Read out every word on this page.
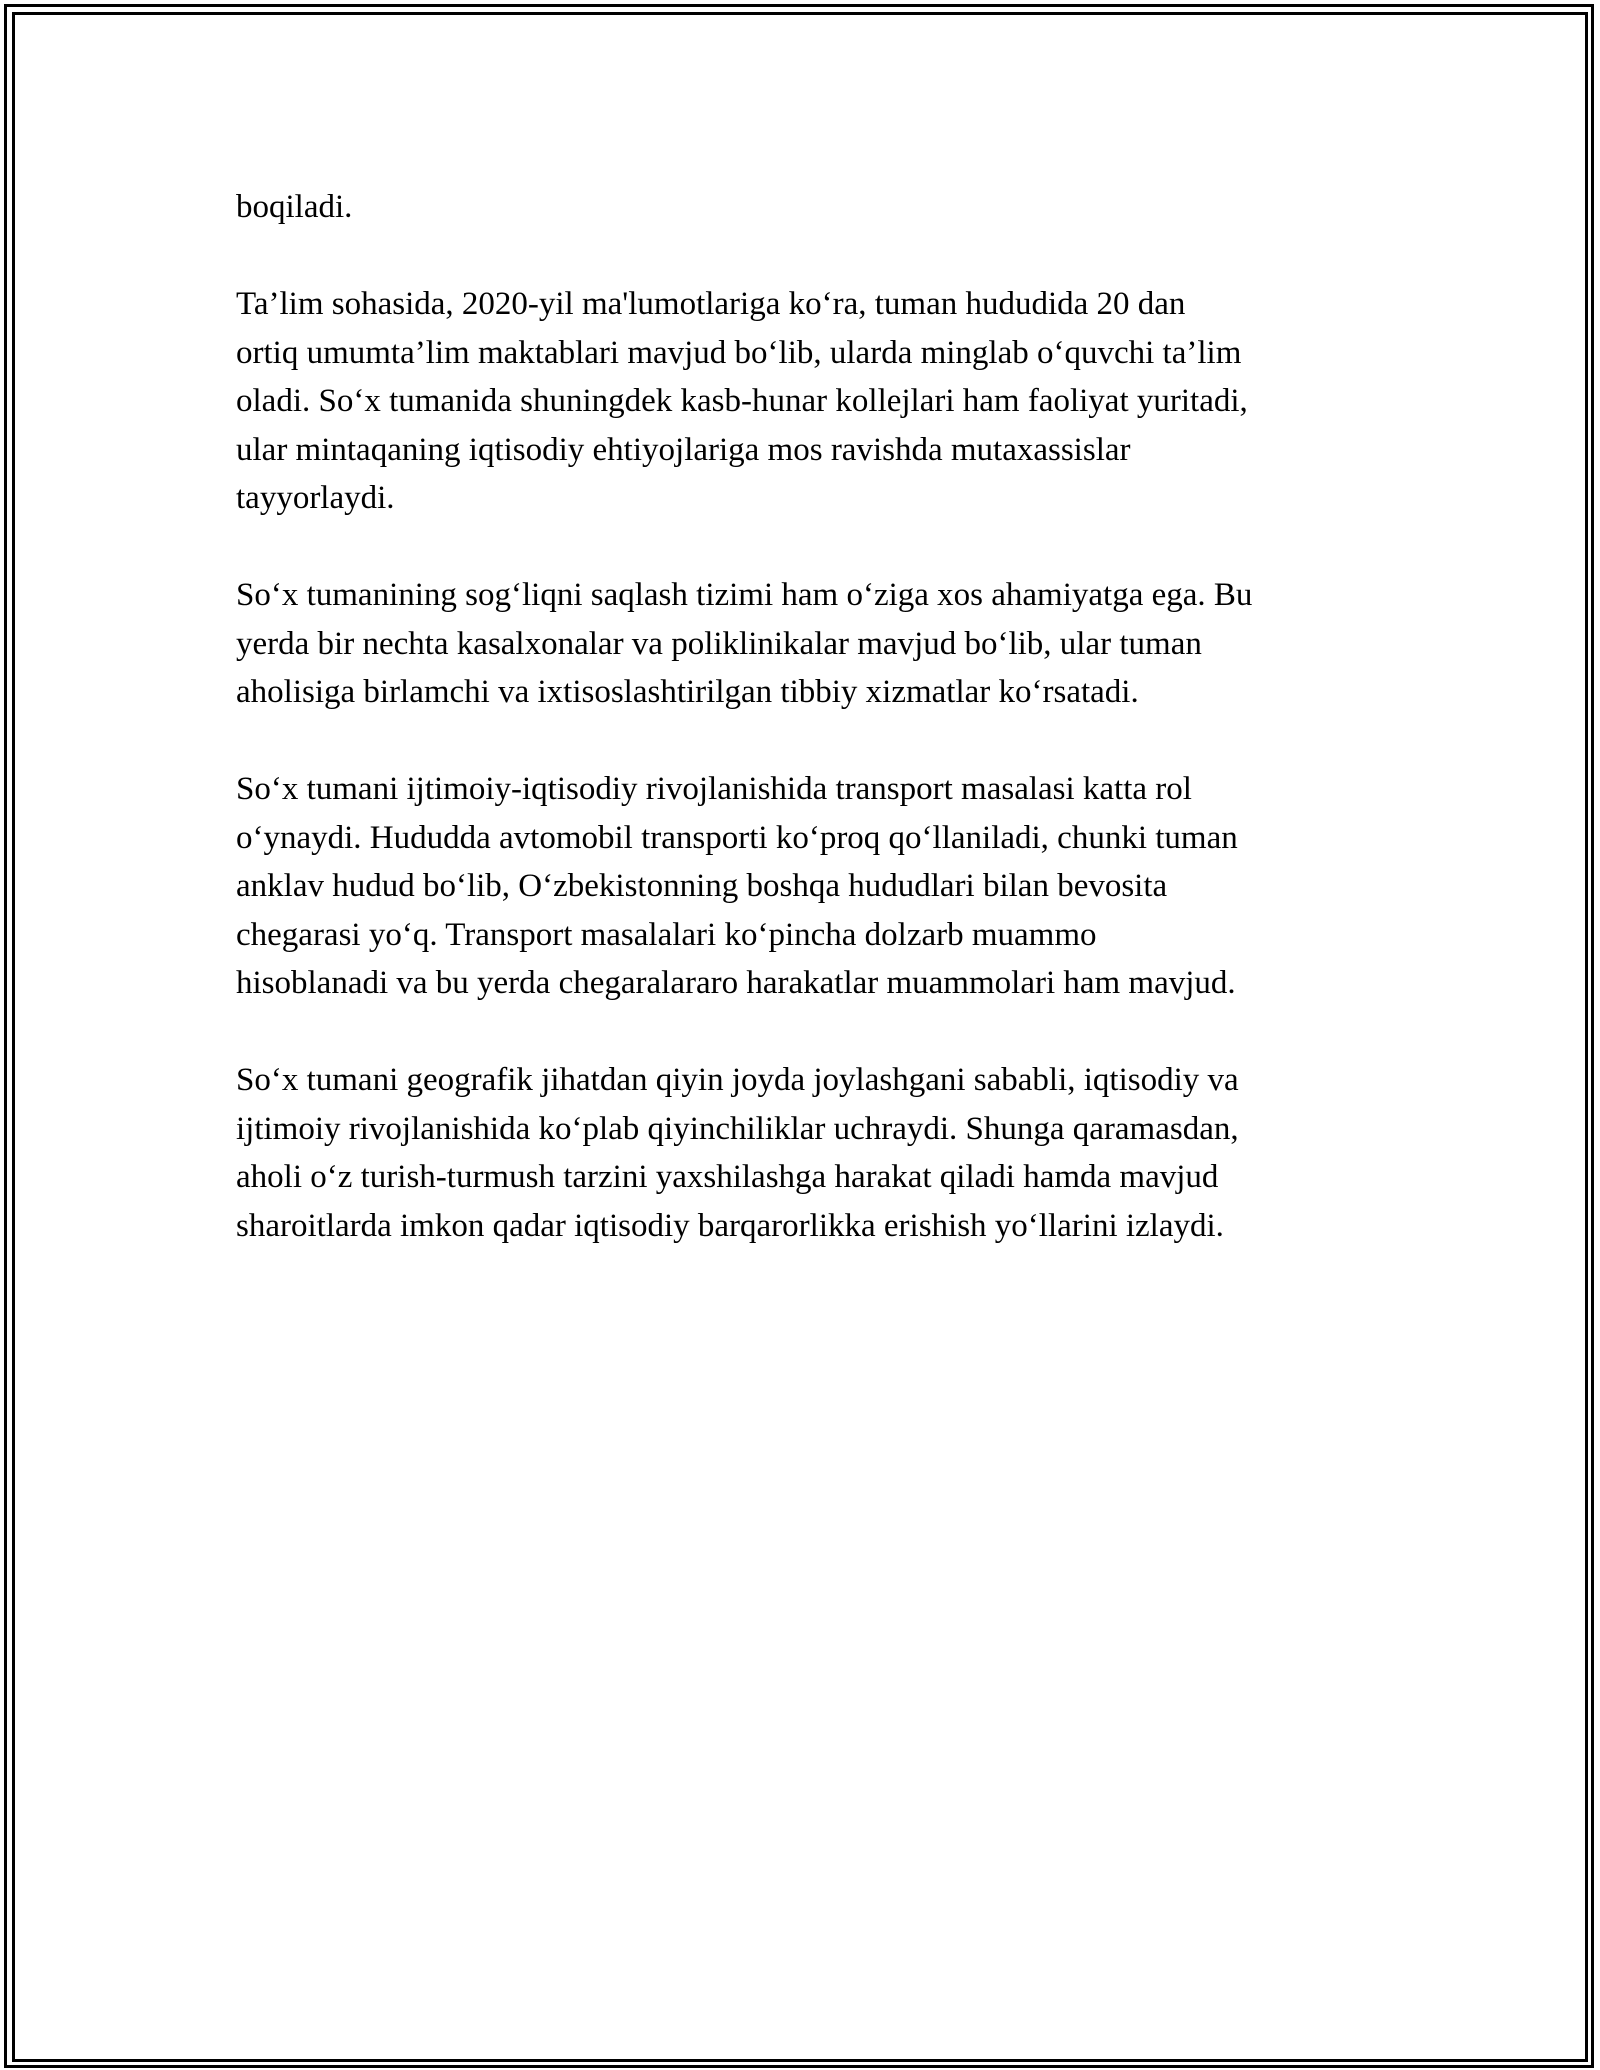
boqiladi.

Ta’lim sohasida, 2020-yil ma'lumotlariga ko‘ra, tuman hududida 20 dan
ortiq umumta’lim maktablari mavjud bo‘lib, ularda minglab o‘quvchi ta’lim
oladi. So‘x tumanida shuningdek kasb-hunar kollejlari ham faoliyat yuritadi,
ular mintaqaning iqtisodiy ehtiyojlariga mos ravishda mutaxassislar
tayyorlaydi.

So‘x tumanining sog‘liqni saqlash tizimi ham o‘ziga xos ahamiyatga ega. Bu
yerda bir nechta kasalxonalar va poliklinikalar mavjud bo‘lib, ular tuman
aholisiga birlamchi va ixtisoslashtirilgan tibbiy xizmatlar ko‘rsatadi.

So‘x tumani ijtimoiy-iqtisodiy rivojlanishida transport masalasi katta rol
o‘ynaydi. Hududda avtomobil transporti ko‘proq qo‘llaniladi, chunki tuman
anklav hudud bo‘lib, O‘zbekistonning boshqa hududlari bilan bevosita
chegarasi yo‘q. Transport masalalari ko‘pincha dolzarb muammo
hisoblanadi va bu yerda chegaralararo harakatlar muammolari ham mavjud.

So‘x tumani geografik jihatdan qiyin joyda joylashgani sababli, iqtisodiy va
ijtimoiy rivojlanishida ko‘plab qiyinchiliklar uchraydi. Shunga qaramasdan,
aholi o‘z turish-turmush tarzini yaxshilashga harakat qiladi hamda mavjud
sharoitlarda imkon qadar iqtisodiy barqarorlikka erishish yo‘llarini izlaydi.
